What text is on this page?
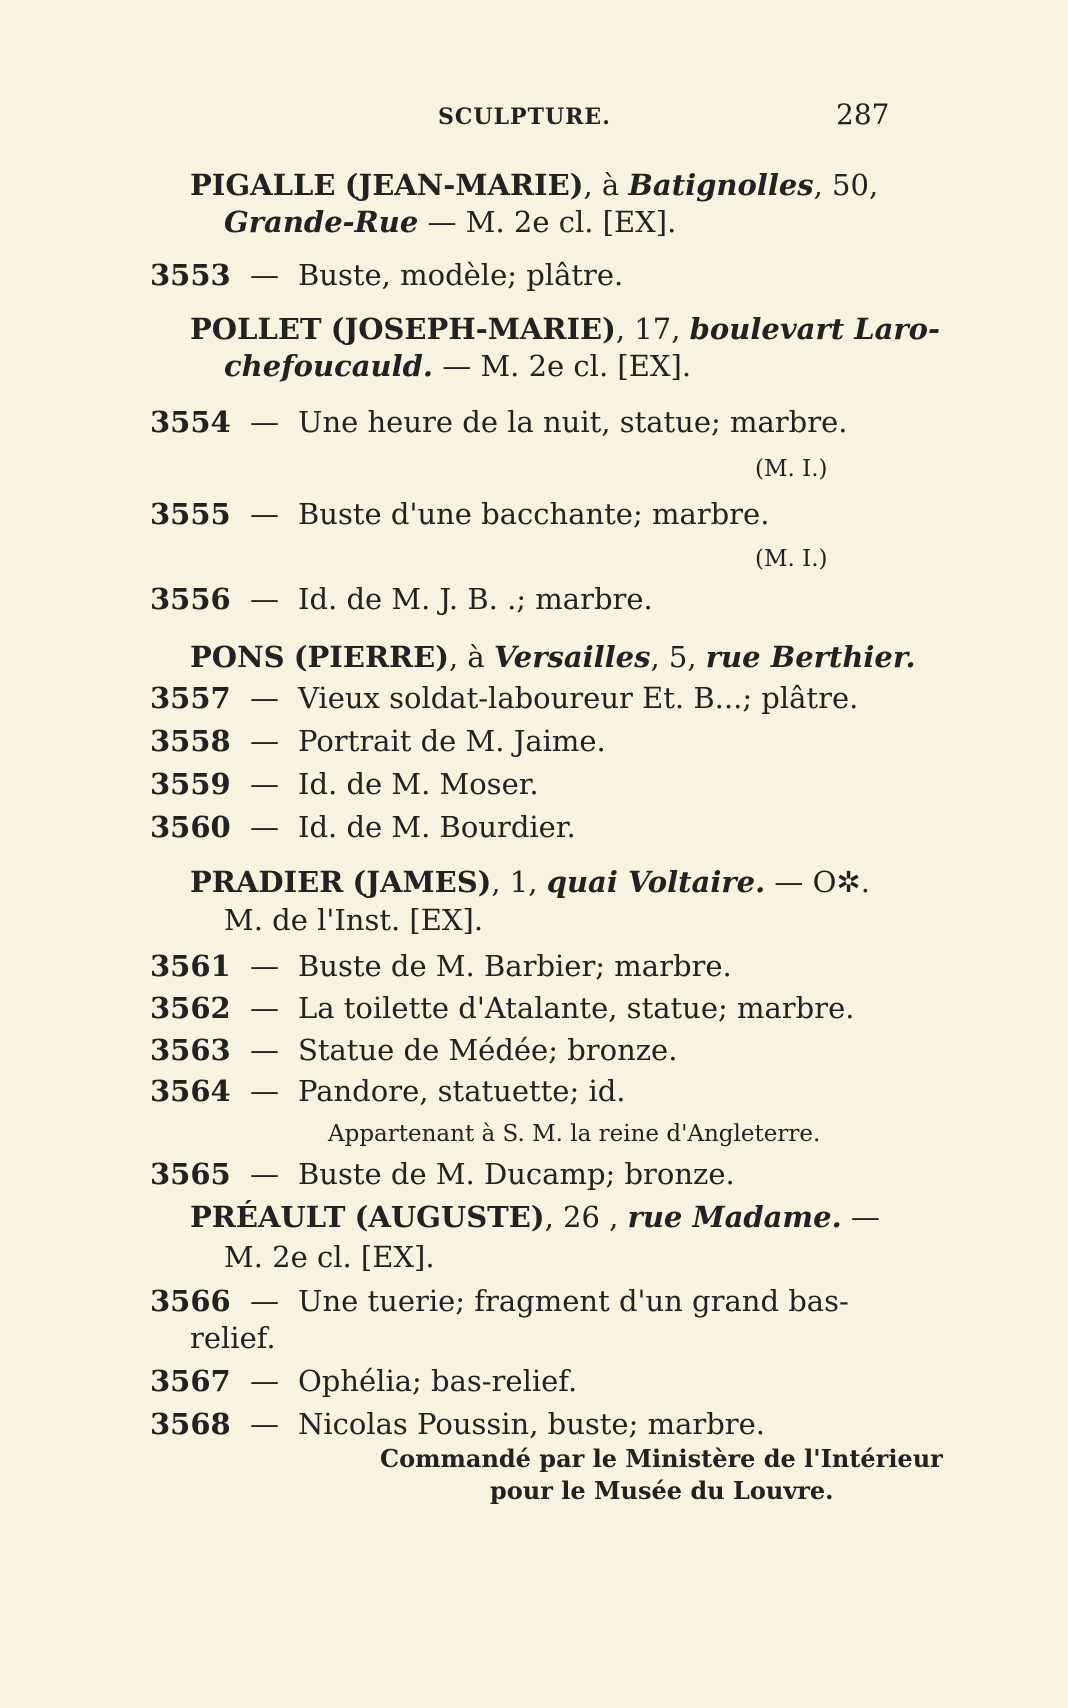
SCULPTURE.	287
PIGALLE (JEAN-MARIE), à Batignolles, 50,
Grande-Rue — M. 2e cl. [EX].
3553 — Buste, modèle; plâtre.
POLLET (JOSEPH-MARIE), 17, boulevart Laro-
chefoucauld. — M. 2e cl. [EX].
3554 — Une heure de la nuit, statue; marbre.
(M. I.)
3555 — Buste d'une bacchante; marbre.
(M. I.)
3556 — Id. de M. J. B. .; marbre.
PONS (PIERRE), à Versailles, 5, rue Berthier.
3557 — Vieux soldat-laboureur Et. B...; plâtre.
3558 — Portrait de M. Jaime.
3559 — Id. de M. Moser.
3560 — Id. de M. Bourdier.
PRADIER (JAMES), 1, quai Voltaire. — O✲.
M. de l'Inst. [EX].
3561 — Buste de M. Barbier; marbre.
3562 — La toilette d'Atalante, statue; marbre.
3563 — Statue de Médée; bronze.
3564 — Pandore, statuette; id.
Appartenant à S. M. la reine d'Angleterre.
3565 — Buste de M. Ducamp; bronze.
PRÉAULT (AUGUSTE), 26 , rue Madame. —
M. 2e cl. [EX].
3566 — Une tuerie; fragment d'un grand bas-
relief.
3567 — Ophélia; bas-relief.
3568 — Nicolas Poussin, buste; marbre.
Commandé par le Ministère de l'Intérieur
pour le Musée du Louvre.
